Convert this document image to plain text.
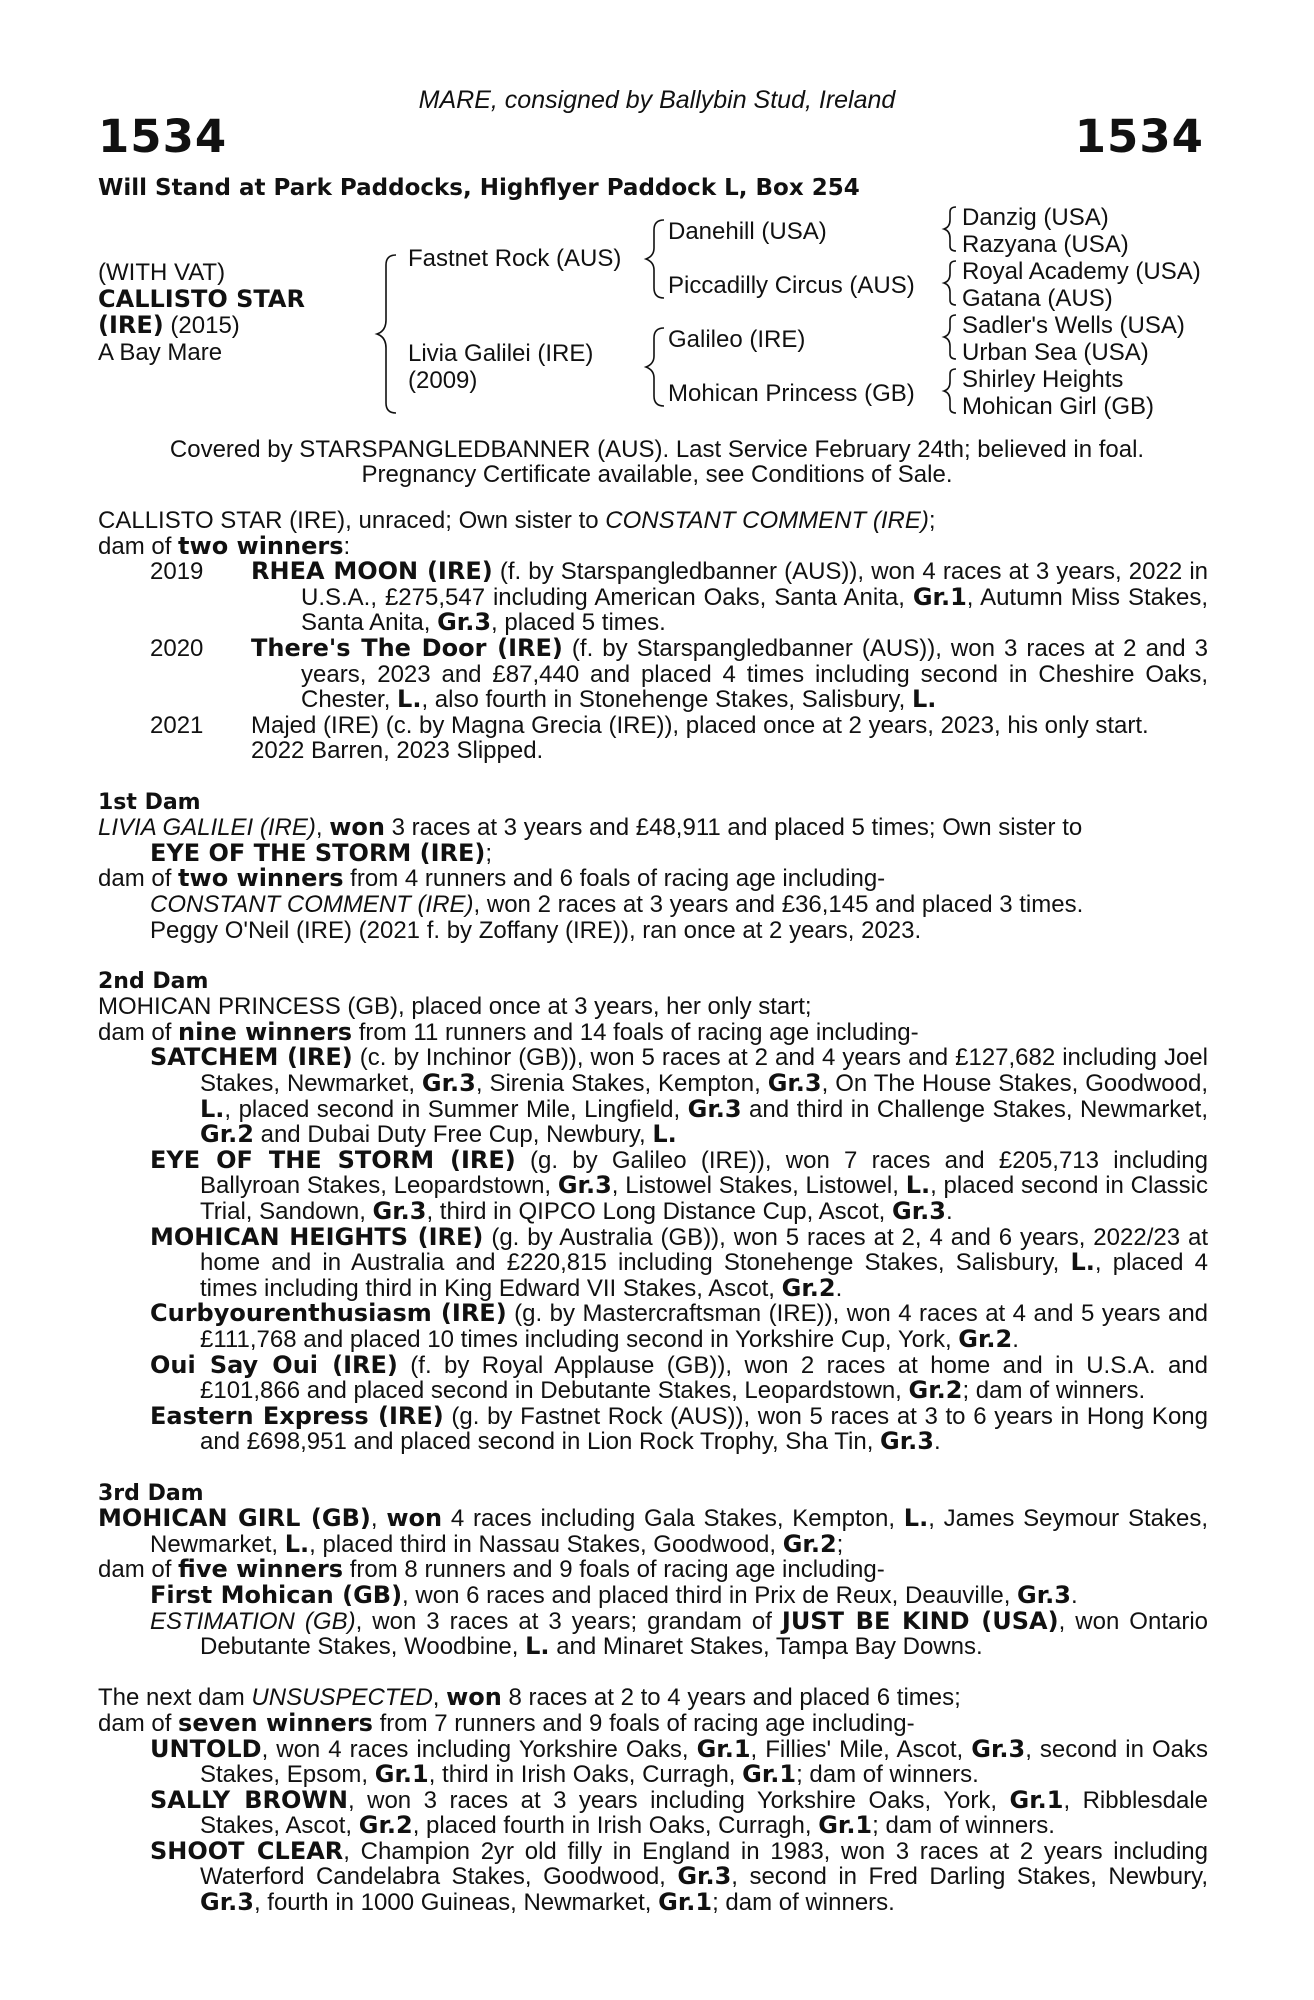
MARE, consigned by Ballybin Stud, Ireland
1534	1534
Will Stand at Park Paddocks, Highflyer Paddock L, Box 254
(WITH VAT)
CALLISTO STAR
(IRE) (2015)
A Bay Mare
Fastnet Rock (AUS)
Livia Galilei (IRE)
(2009)
Danehill (USA)
Piccadilly Circus (AUS)
Galileo (IRE)
Mohican Princess (GB)
Danzig (USA)
Razyana (USA)
Royal Academy (USA)
Gatana (AUS)
Sadler's Wells (USA)
Urban Sea (USA)
Shirley Heights
Mohican Girl (GB)
Covered by STARSPANGLEDBANNER (AUS). Last Service February 24th; believed in foal.
Pregnancy Certificate available, see Conditions of Sale.

CALLISTO STAR (IRE), unraced; Own sister to CONSTANT COMMENT (IRE);

dam of two winners:

2019	RHEA MOON (IRE) (f. by Starspangledbanner (AUS)), won 4 races at 3 years, 2022 in U.S.A., £275,547 including American Oaks, Santa Anita, Gr.1, Autumn Miss Stakes, Santa Anita, Gr.3, placed 5 times.
2020	There's The Door (IRE) (f. by Starspangledbanner (AUS)), won 3 races at 2 and 3 years, 2023 and £87,440 and placed 4 times including second in Cheshire Oaks, Chester, L., also fourth in Stonehenge Stakes, Salisbury, L.
2021	Majed (IRE) (c. by Magna Grecia (IRE)), placed once at 2 years, 2023, his only start.
2022 Barren, 2023 Slipped.

1st Dam

LIVIA GALILEI (IRE), won 3 races at 3 years and £48,911 and placed 5 times; Own sister to

EYE OF THE STORM (IRE);

dam of two winners from 4 runners and 6 foals of racing age including-

CONSTANT COMMENT (IRE), won 2 races at 3 years and £36,145 and placed 3 times.

Peggy O'Neil (IRE) (2021 f. by Zoffany (IRE)), ran once at 2 years, 2023.

2nd Dam

MOHICAN PRINCESS (GB), placed once at 3 years, her only start;

dam of nine winners from 11 runners and 14 foals of racing age including-

SATCHEM (IRE) (c. by Inchinor (GB)), won 5 races at 2 and 4 years and £127,682 including Joel Stakes, Newmarket, Gr.3, Sirenia Stakes, Kempton, Gr.3, On The House Stakes, Goodwood, L., placed second in Summer Mile, Lingfield, Gr.3 and third in Challenge Stakes, Newmarket, Gr.2 and Dubai Duty Free Cup, Newbury, L.

EYE OF THE STORM (IRE) (g. by Galileo (IRE)), won 7 races and £205,713 including Ballyroan Stakes, Leopardstown, Gr.3, Listowel Stakes, Listowel, L., placed second in Classic Trial, Sandown, Gr.3, third in QIPCO Long Distance Cup, Ascot, Gr.3.

MOHICAN HEIGHTS (IRE) (g. by Australia (GB)), won 5 races at 2, 4 and 6 years, 2022/23 at home and in Australia and £220,815 including Stonehenge Stakes, Salisbury, L., placed 4 times including third in King Edward VII Stakes, Ascot, Gr.2.

Curbyourenthusiasm (IRE) (g. by Mastercraftsman (IRE)), won 4 races at 4 and 5 years and £111,768 and placed 10 times including second in Yorkshire Cup, York, Gr.2.

Oui Say Oui (IRE) (f. by Royal Applause (GB)), won 2 races at home and in U.S.A. and £101,866 and placed second in Debutante Stakes, Leopardstown, Gr.2; dam of winners.

Eastern Express (IRE) (g. by Fastnet Rock (AUS)), won 5 races at 3 to 6 years in Hong Kong and £698,951 and placed second in Lion Rock Trophy, Sha Tin, Gr.3.

3rd Dam

MOHICAN GIRL (GB), won 4 races including Gala Stakes, Kempton, L., James Seymour Stakes, Newmarket, L., placed third in Nassau Stakes, Goodwood, Gr.2;

dam of five winners from 8 runners and 9 foals of racing age including-

First Mohican (GB), won 6 races and placed third in Prix de Reux, Deauville, Gr.3.

ESTIMATION (GB), won 3 races at 3 years; grandam of JUST BE KIND (USA), won Ontario Debutante Stakes, Woodbine, L. and Minaret Stakes, Tampa Bay Downs.

The next dam UNSUSPECTED, won 8 races at 2 to 4 years and placed 6 times;

dam of seven winners from 7 runners and 9 foals of racing age including-

UNTOLD, won 4 races including Yorkshire Oaks, Gr.1, Fillies' Mile, Ascot, Gr.3, second in Oaks Stakes, Epsom, Gr.1, third in Irish Oaks, Curragh, Gr.1; dam of winners.

SALLY BROWN, won 3 races at 3 years including Yorkshire Oaks, York, Gr.1, Ribblesdale Stakes, Ascot, Gr.2, placed fourth in Irish Oaks, Curragh, Gr.1; dam of winners.

SHOOT CLEAR, Champion 2yr old filly in England in 1983, won 3 races at 2 years including Waterford Candelabra Stakes, Goodwood, Gr.3, second in Fred Darling Stakes, Newbury, Gr.3, fourth in 1000 Guineas, Newmarket, Gr.1; dam of winners.
